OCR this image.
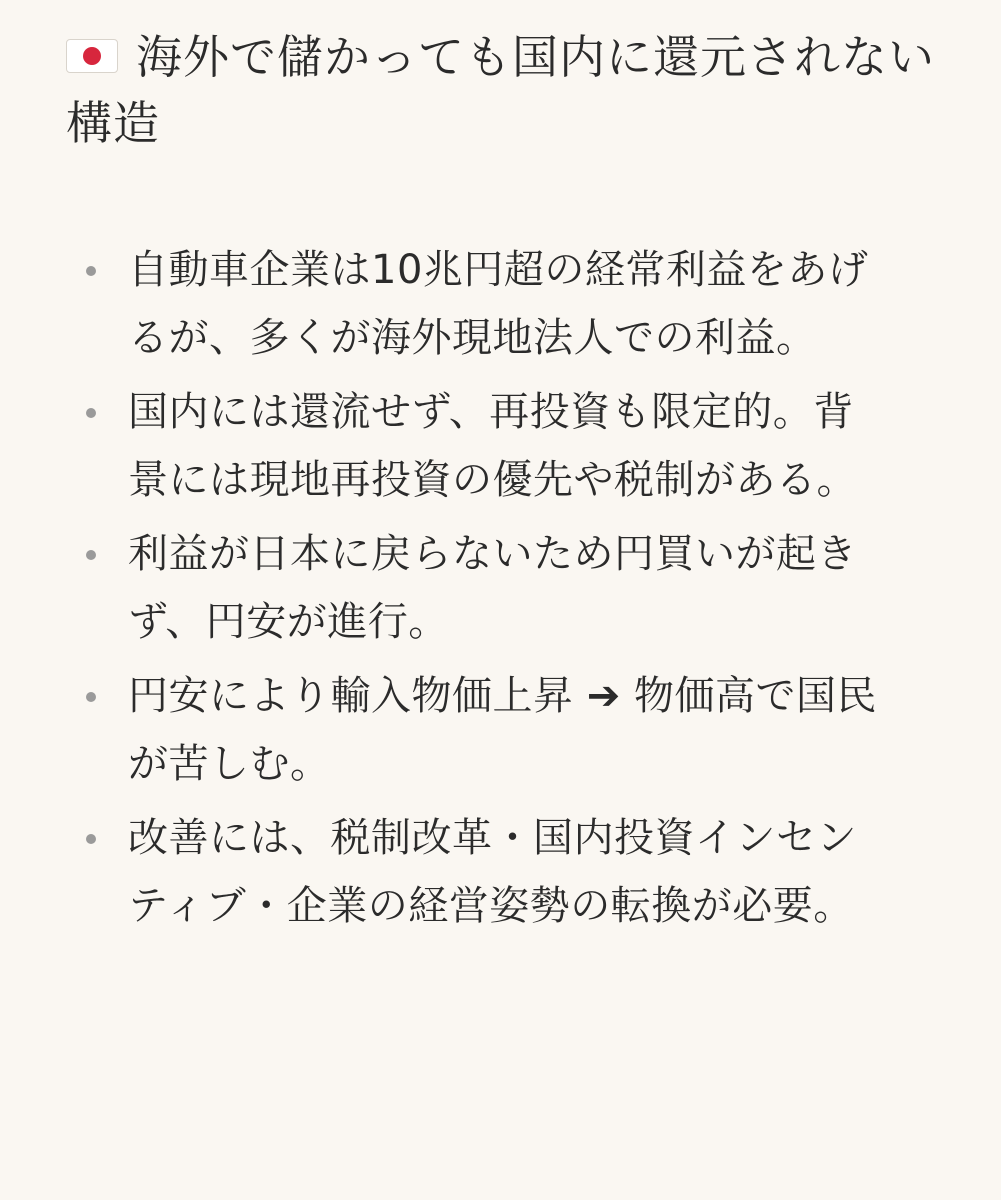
海外で儲かっても国内に還元されない構造
自動車企業は10兆円超の経常利益をあげるが、多くが海外現地法人での利益。
国内には還流せず、再投資も限定的。背景には現地再投資の優先や税制がある。
利益が日本に戻らないため円買いが起きず、円安が進行。
円安により輸入物価上昇 ➔ 物価高で国民が苦しむ。
改善には、税制改革・国内投資インセンティブ・企業の経営姿勢の転換が必要。
